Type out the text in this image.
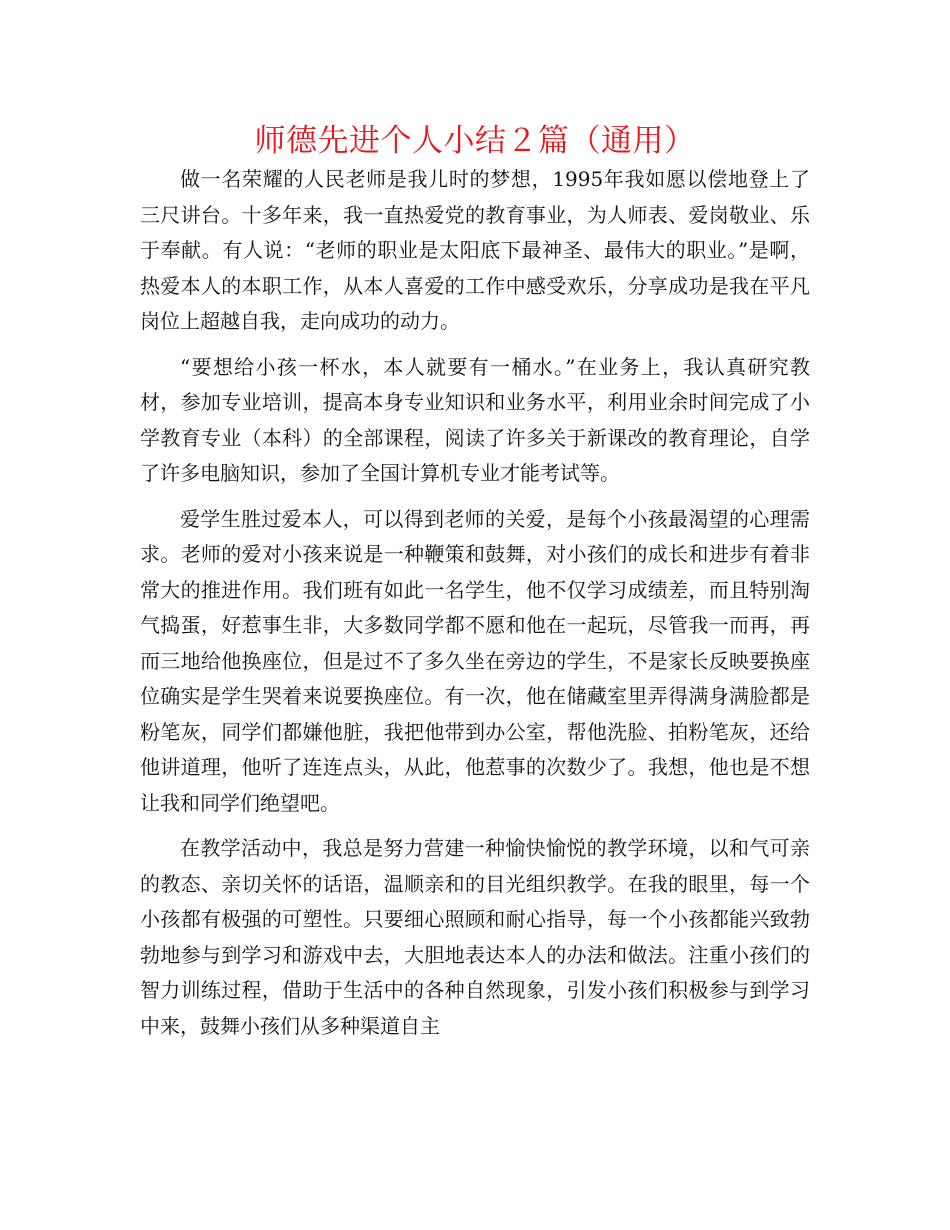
师德先进个人小结２篇（通用）

做一名荣耀的人民老师是我儿时的梦想，1995年我如愿以偿地登上了三尺讲台。十多年来，我一直热爱党的教育事业，为人师表、爱岗敬业、乐于奉献。有人说：“老师的职业是太阳底下最神圣、最伟大的职业。”是啊，热爱本人的本职工作，从本人喜爱的工作中感受欢乐，分享成功是我在平凡岗位上超越自我，走向成功的动力。

“要想给小孩一杯水，本人就要有一桶水。”在业务上，我认真研究教材，参加专业培训，提高本身专业知识和业务水平，利用业余时间完成了小学教育专业（本科）的全部课程，阅读了许多关于新课改的教育理论，自学了许多电脑知识，参加了全国计算机专业才能考试等。

爱学生胜过爱本人，可以得到老师的关爱，是每个小孩最渴望的心理需求。老师的爱对小孩来说是一种鞭策和鼓舞，对小孩们的成长和进步有着非常大的推进作用。我们班有如此一名学生，他不仅学习成绩差，而且特别淘气捣蛋，好惹事生非，大多数同学都不愿和他在一起玩，尽管我一而再，再而三地给他换座位，但是过不了多久坐在旁边的学生，不是家长反映要换座位确实是学生哭着来说要换座位。有一次，他在储藏室里弄得满身满脸都是粉笔灰，同学们都嫌他脏，我把他带到办公室，帮他洗脸、拍粉笔灰，还给他讲道理，他听了连连点头，从此，他惹事的次数少了。我想，他也是不想让我和同学们绝望吧。

在教学活动中，我总是努力营建一种愉快愉悦的教学环境，以和气可亲的教态、亲切关怀的话语，温顺亲和的目光组织教学。在我的眼里，每一个小孩都有极强的可塑性。只要细心照顾和耐心指导，每一个小孩都能兴致勃勃地参与到学习和游戏中去，大胆地表达本人的办法和做法。注重小孩们的智力训练过程，借助于生活中的各种自然现象，引发小孩们积极参与到学习中来，鼓舞小孩们从多种渠道自主
